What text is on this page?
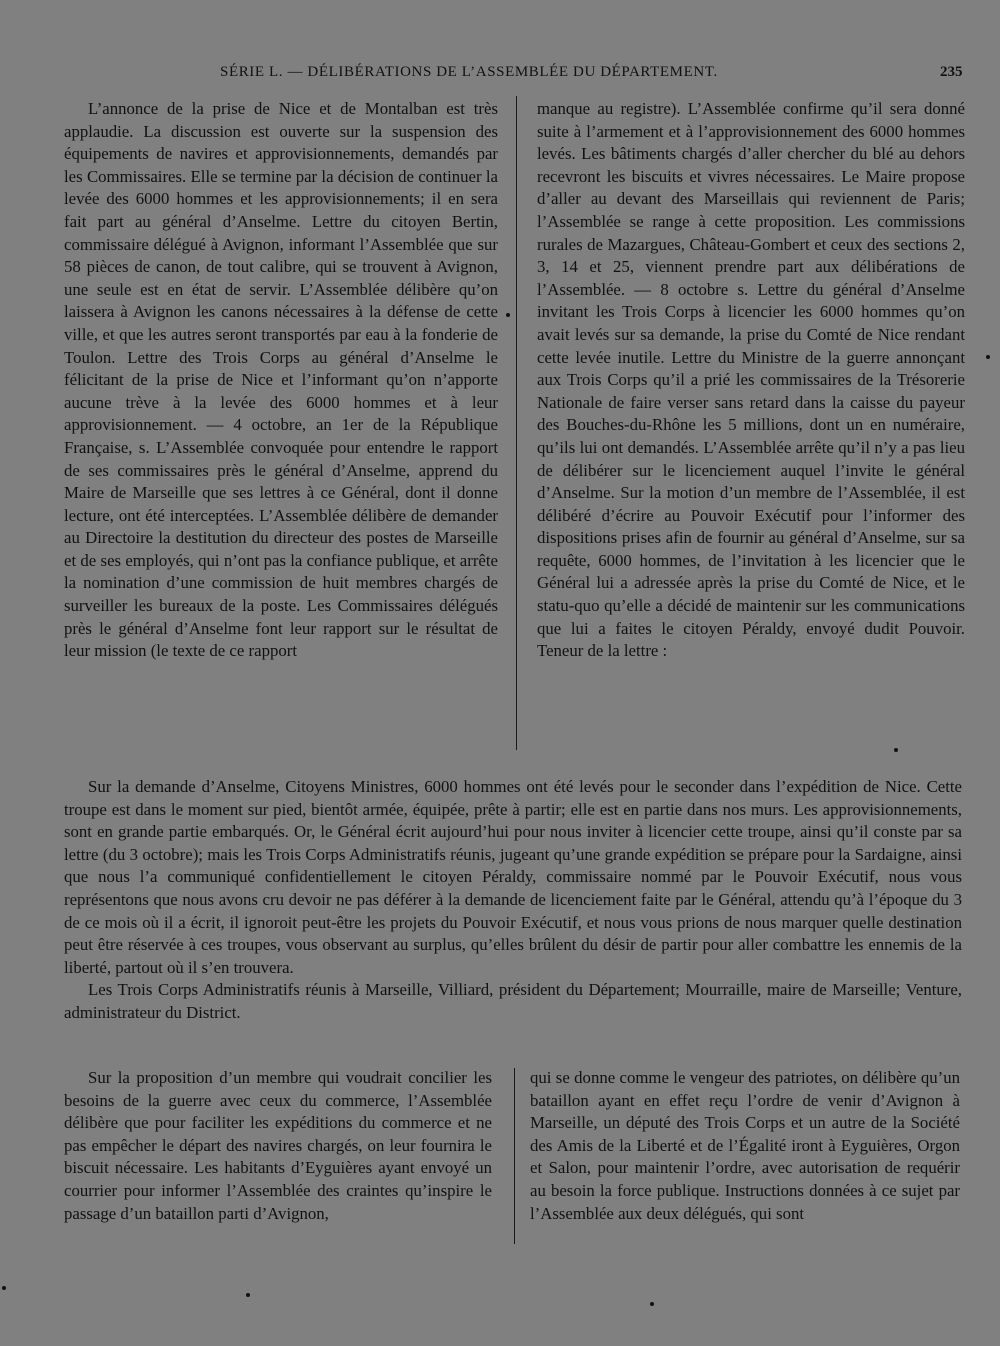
SÉRIE L. — DÉLIBÉRATIONS DE L’ASSEMBLÉE DU DÉPARTEMENT.	235

L’annonce de la prise de Nice et de Montalban est très applaudie. La discussion est ouverte sur la suspension des équipements de navires et approvisionnements, demandés par les Commissaires. Elle se termine par la décision de continuer la levée des 6000 hommes et les approvisionnements; il en sera fait part au général d’Anselme. Lettre du citoyen Bertin, commissaire délégué à Avignon, informant l’Assemblée que sur 58 pièces de canon, de tout calibre, qui se trouvent à Avignon, une seule est en état de servir. L’Assemblée délibère qu’on laissera à Avignon les canons nécessaires à la défense de cette ville, et que les autres seront transportés par eau à la fonderie de Toulon. Lettre des Trois Corps au général d’Anselme le félicitant de la prise de Nice et l’informant qu’on n’apporte aucune trève à la levée des 6000 hommes et à leur approvisionnement. — 4 octobre, an 1er de la République Française, s. L’Assemblée convoquée pour entendre le rapport de ses commissaires près le général d’Anselme, apprend du Maire de Marseille que ses lettres à ce Général, dont il donne lecture, ont été interceptées. L’Assemblée délibère de demander au Directoire la destitution du directeur des postes de Marseille et de ses employés, qui n’ont pas la confiance publique, et arrête la nomination d’une commission de huit membres chargés de surveiller les bureaux de la poste. Les Commissaires délégués près le général d’Anselme font leur rapport sur le résultat de leur mission (le texte de ce rapport

manque au registre). L’Assemblée confirme qu’il sera donné suite à l’armement et à l’approvisionnement des 6000 hommes levés. Les bâtiments chargés d’aller chercher du blé au dehors recevront les biscuits et vivres nécessaires. Le Maire propose d’aller au devant des Marseillais qui reviennent de Paris; l’Assemblée se range à cette proposition. Les commissions rurales de Mazargues, Château-Gombert et ceux des sections 2, 3, 14 et 25, viennent prendre part aux délibérations de l’Assemblée. — 8 octobre s. Lettre du général d’Anselme invitant les Trois Corps à licencier les 6000 hommes qu’on avait levés sur sa demande, la prise du Comté de Nice rendant cette levée inutile. Lettre du Ministre de la guerre annonçant aux Trois Corps qu’il a prié les commissaires de la Trésorerie Nationale de faire verser sans retard dans la caisse du payeur des Bouches-du-Rhône les 5 millions, dont un en numéraire, qu’ils lui ont demandés. L’Assemblée arrête qu’il n’y a pas lieu de délibérer sur le licenciement auquel l’invite le général d’Anselme. Sur la motion d’un membre de l’Assemblée, il est délibéré d’écrire au Pouvoir Exécutif pour l’informer des dispositions prises afin de fournir au général d’Anselme, sur sa requête, 6000 hommes, de l’invitation à les licencier que le Général lui a adressée après la prise du Comté de Nice, et le statu-quo qu’elle a décidé de maintenir sur les communications que lui a faites le citoyen Péraldy, envoyé dudit Pouvoir. Teneur de la lettre :

Sur la demande d’Anselme, Citoyens Ministres, 6000 hommes ont été levés pour le seconder dans l’expédition de Nice. Cette troupe est dans le moment sur pied, bientôt armée, équipée, prête à partir; elle est en partie dans nos murs. Les approvisionnements, sont en grande partie embarqués. Or, le Général écrit aujourd’hui pour nous inviter à licencier cette troupe, ainsi qu’il conste par sa lettre (du 3 octobre); mais les Trois Corps Administratifs réunis, jugeant qu’une grande expédition se prépare pour la Sardaigne, ainsi que nous l’a communiqué confidentiellement le citoyen Péraldy, commissaire nommé par le Pouvoir Exécutif, nous vous représentons que nous avons cru devoir ne pas déférer à la demande de licenciement faite par le Général, attendu qu’à l’époque du 3 de ce mois où il a écrit, il ignoroit peut-être les projets du Pouvoir Exécutif, et nous vous prions de nous marquer quelle destination peut être réservée à ces troupes, vous observant au surplus, qu’elles brûlent du désir de partir pour aller combattre les ennemis de la liberté, partout où il s’en trouvera.

Les Trois Corps Administratifs réunis à Marseille, Villiard, président du Département; Mourraille, maire de Marseille; Venture, administrateur du District.

Sur la proposition d’un membre qui voudrait concilier les besoins de la guerre avec ceux du commerce, l’Assemblée délibère que pour faciliter les expéditions du commerce et ne pas empêcher le départ des navires chargés, on leur fournira le biscuit nécessaire. Les habitants d’Eyguières ayant envoyé un courrier pour informer l’Assemblée des craintes qu’inspire le passage d’un bataillon parti d’Avignon,

qui se donne comme le vengeur des patriotes, on délibère qu’un bataillon ayant en effet reçu l’ordre de venir d’Avignon à Marseille, un député des Trois Corps et un autre de la Société des Amis de la Liberté et de l’Égalité iront à Eyguières, Orgon et Salon, pour maintenir l’ordre, avec autorisation de requérir au besoin la force publique. Instructions données à ce sujet par l’Assemblée aux deux délégués, qui sont
